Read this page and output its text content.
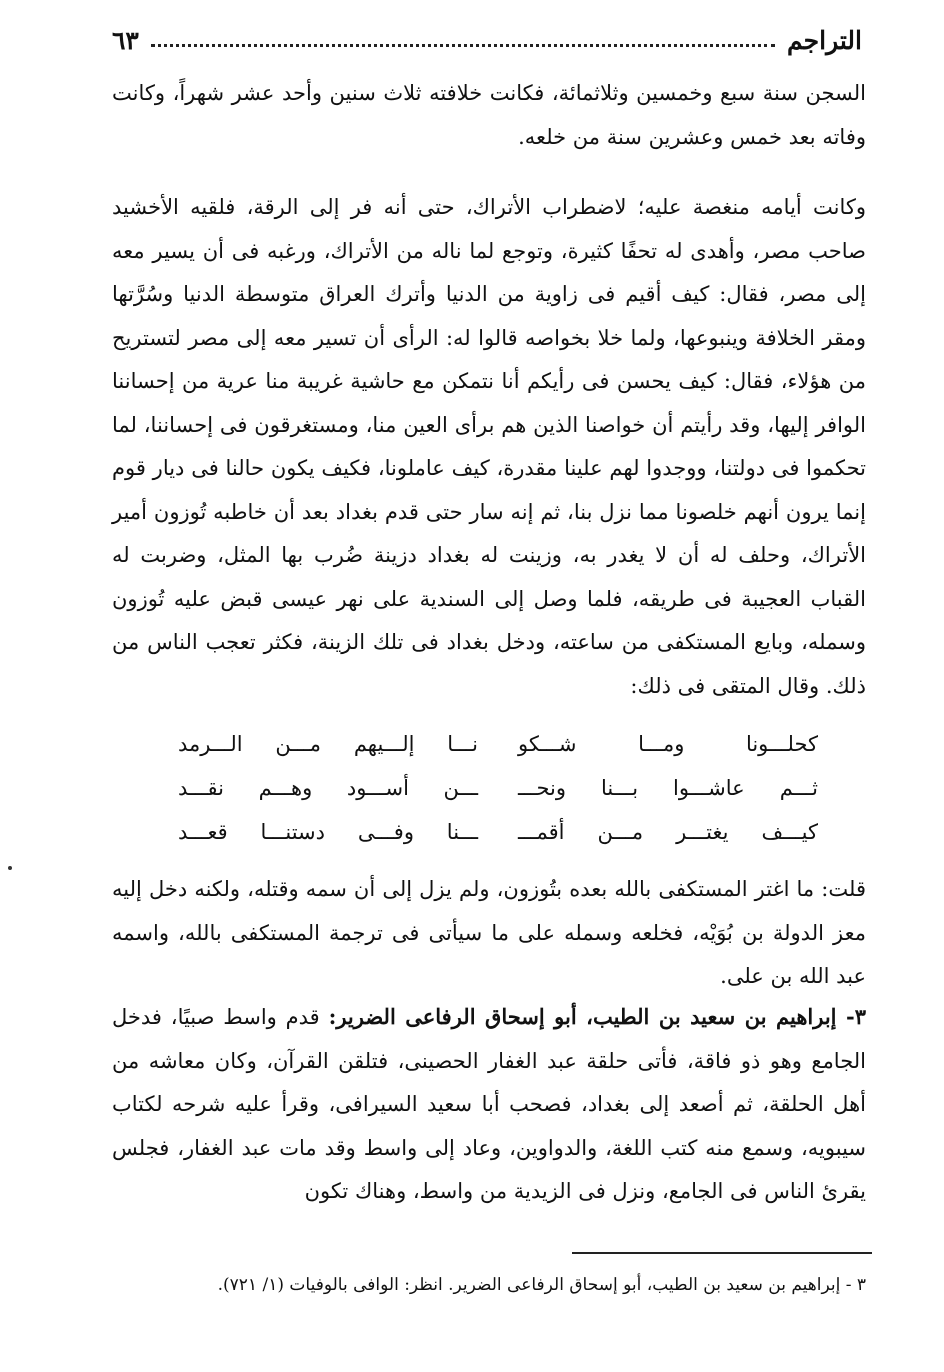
التراجم
٦٣

السجن سنة سبع وخمسين وثلاثمائة، فكانت خلافته ثلاث سنين وأحد عشر شهراً، وكانت وفاته بعد خمس وعشرين سنة من خلعه.

وكانت أيامه منغصة عليه؛ لاضطراب الأتراك، حتى أنه فر إلى الرقة، فلقيه الأخشيد صاحب مصر، وأهدى له تحفًا كثيرة، وتوجع لما ناله من الأتراك، ورغبه فى أن يسير معه إلى مصر، فقال: كيف أقيم فى زاوية من الدنيا وأترك العراق متوسطة الدنيا وسُرَّتها ومقر الخلافة وينبوعها، ولما خلا بخواصه قالوا له: الرأى أن تسير معه إلى مصر لتستريح من هؤلاء، فقال: كيف يحسن فى رأيكم أنا نتمكن مع حاشية غريبة منا عرية من إحساننا الوافر إليها، وقد رأيتم أن خواصنا الذين هم برأى العين منا، ومستغرقون فى إحساننا، لما تحكموا فى دولتنا، ووجدوا لهم علينا مقدرة، كيف عاملونا، فكيف يكون حالنا فى ديار قوم إنما يرون أنهم خلصونا مما نزل بنا، ثم إنه سار حتى قدم بغداد بعد أن خاطبه تُوزون أمير الأتراك، وحلف له أن لا يغدر به، وزينت له بغداد دزينة ضُرب بها المثل، وضربت له القباب العجيبة فى طريقه، فلما وصل إلى السندية على نهر عيسى قبض عليه تُوزون وسمله، وبايع المستكفى من ساعته، ودخل بغداد فى تلك الزينة، فكثر تعجب الناس من ذلك. وقال المتقى فى ذلك:

كحلـــونا ومـــا شـــكو
نـــا إلـــيهم مـــن الـــرمد
ثـــم عاشـــوا بـــنا ونحـــ
ـــن أســـود وهـــم نقـــد
كيـــف يغتـــر مـــن أقمـــ
ـــنا وفـــى دستنـــا قعـــد

قلت: ما اغتر المستكفى بالله بعده بتُوزون، ولم يزل إلى أن سمه وقتله، ولكنه دخل إليه معز الدولة بن بُوَيْه، فخلعه وسمله على ما سيأتى فى ترجمة المستكفى بالله، واسمه عبد الله بن على.

٣- إبراهيم بن سعيد بن الطيب، أبو إسحاق الرفاعى الضرير: قدم واسط صبيًا، فدخل الجامع وهو ذو فاقة، فأتى حلقة عبد الغفار الحصينى، فتلقن القرآن، وكان معاشه من أهل الحلقة، ثم أصعد إلى بغداد، فصحب أبا سعيد السيرافى، وقرأ عليه شرحه لكتاب سيبويه، وسمع منه كتب اللغة، والدواوين، وعاد إلى واسط وقد مات عبد الغفار، فجلس يقرئ الناس فى الجامع، ونزل فى الزيدية من واسط، وهناك تكون

٣ - إبراهيم بن سعيد بن الطيب، أبو إسحاق الرفاعى الضرير. انظر: الوافى بالوفيات (١/ ٧٢١).
